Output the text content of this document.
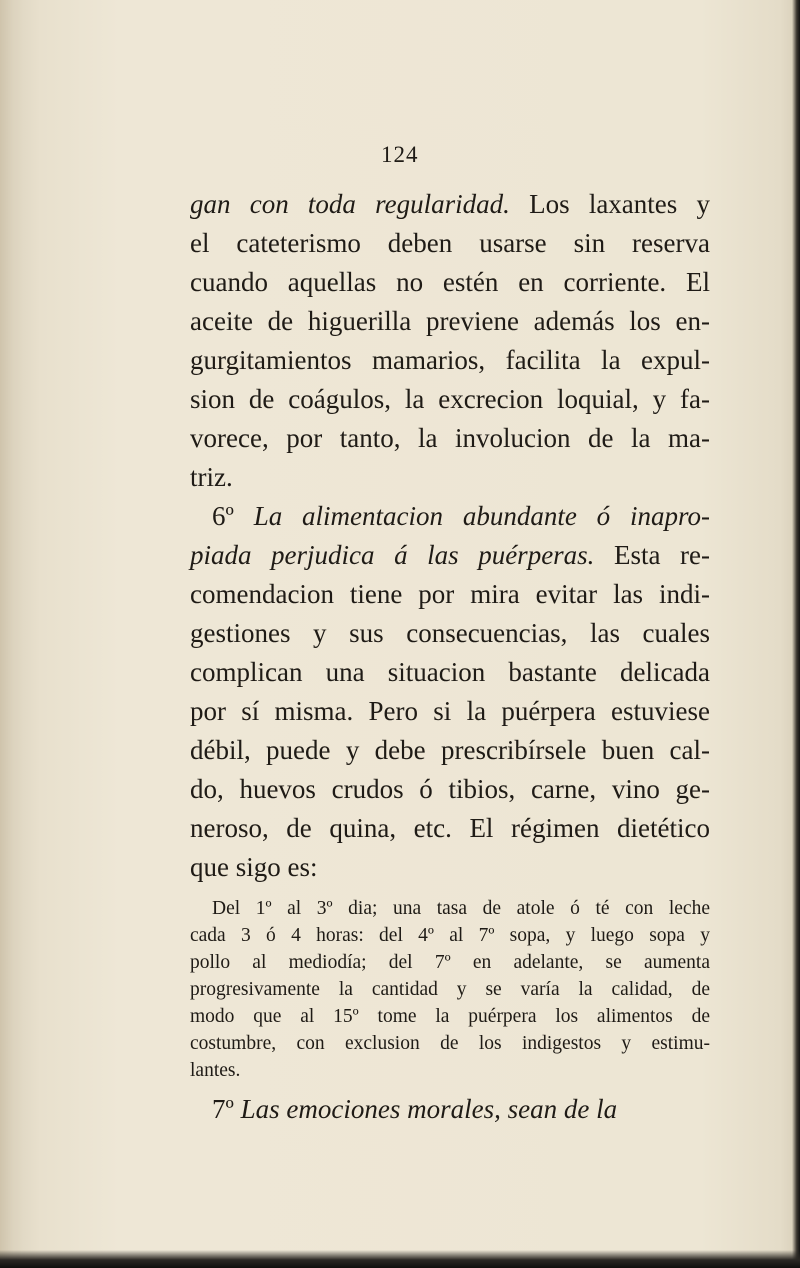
124
gan con toda regularidad. Los laxantes y
el cateterismo deben usarse sin reserva
cuando aquellas no estén en corriente. El
aceite de higuerilla previene además los en-
gurgitamientos mamarios, facilita la expul-
sion de coágulos, la excrecion loquial, y fa-
vorece, por tanto, la involucion de la ma-
triz.
6º La alimentacion abundante ó inapro-
piada perjudica á las puérperas. Esta re-
comendacion tiene por mira evitar las indi-
gestiones y sus consecuencias, las cuales
complican una situacion bastante delicada
por sí misma. Pero si la puérpera estuviese
débil, puede y debe prescribírsele buen cal-
do, huevos crudos ó tibios, carne, vino ge-
neroso, de quina, etc. El régimen dietético
que sigo es:
Del 1º al 3º dia; una tasa de atole ó té con leche
cada 3 ó 4 horas: del 4º al 7º sopa, y luego sopa y
pollo al mediodía; del 7º en adelante, se aumenta
progresivamente la cantidad y se varía la calidad, de
modo que al 15º tome la puérpera los alimentos de
costumbre, con exclusion de los indigestos y estimu-
lantes.
7º Las emociones morales, sean de la
